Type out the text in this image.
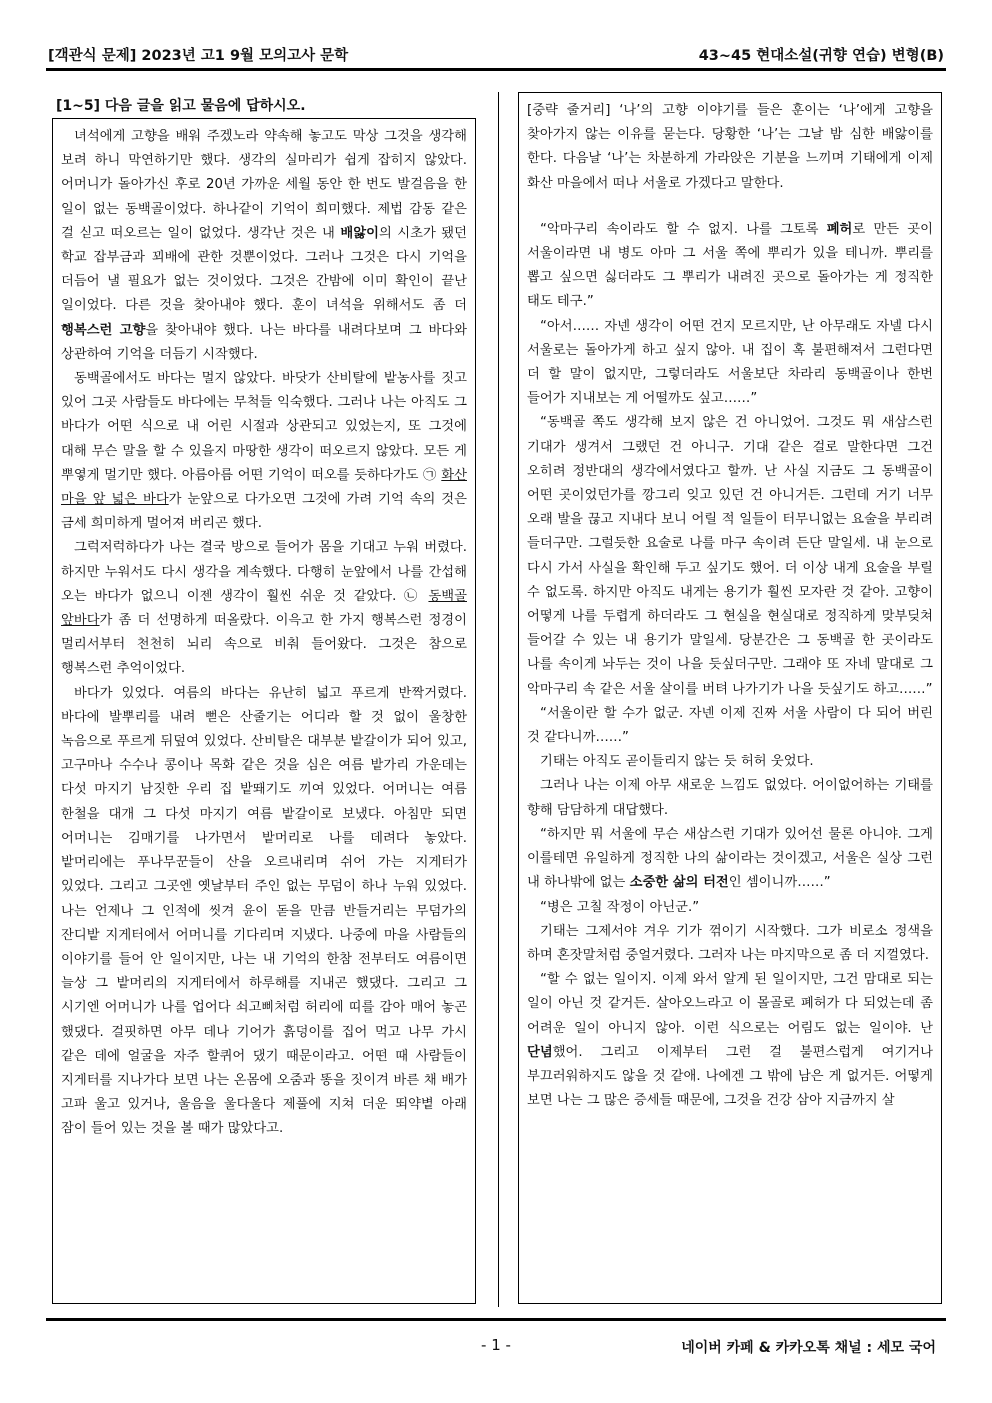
[객관식 문제] 2023년 고1 9월 모의고사 문학	43~45 현대소설(귀향 연습) 변형(B)
[1~5] 다음 글을 읽고 물음에 답하시오.

녀석에게 고향을 배워 주겠노라 약속해 놓고도 막상 그것을 생각해 보려 하니 막연하기만 했다. 생각의 실마리가 쉽게 잡히지 않았다. 어머니가 돌아가신 후로 20년 가까운 세월 동안 한 번도 발걸음을 한 일이 없는 동백골이었다. 하나같이 기억이 희미했다. 제법 감동 같은 걸 싣고 떠오르는 일이 없었다. 생각난 것은 내 배앓이의 시초가 됐던 학교 잡부금과 꾀배에 관한 것뿐이었다. 그러나 그것은 다시 기억을 더듬어 낼 필요가 없는 것이었다. 그것은 간밤에 이미 확인이 끝난 일이었다. 다른 것을 찾아내야 했다. 훈이 녀석을 위해서도 좀 더 행복스런 고향을 찾아내야 했다. 나는 바다를 내려다보며 그 바다와 상관하여 기억을 더듬기 시작했다.

동백골에서도 바다는 멀지 않았다. 바닷가 산비탈에 밭농사를 짓고 있어 그곳 사람들도 바다에는 무척들 익숙했다. 그러나 나는 아직도 그 바다가 어떤 식으로 내 어린 시절과 상관되고 있었는지, 또 그것에 대해 무슨 말을 할 수 있을지 마땅한 생각이 떠오르지 않았다. 모든 게 뿌옇게 멀기만 했다. 아름아름 어떤 기억이 떠오를 듯하다가도 ㉠ 화산 마을 앞 넓은 바다가 눈앞으로 다가오면 그것에 가려 기억 속의 것은 금세 희미하게 멀어져 버리곤 했다.

그럭저럭하다가 나는 결국 방으로 들어가 몸을 기대고 누워 버렸다. 하지만 누워서도 다시 생각을 계속했다. 다행히 눈앞에서 나를 간섭해 오는 바다가 없으니 이젠 생각이 훨씬 쉬운 것 같았다. ㉡ 동백골 앞바다가 좀 더 선명하게 떠올랐다. 이윽고 한 가지 행복스런 정경이 멀리서부터 천천히 뇌리 속으로 비춰 들어왔다. 그것은 참으로 행복스런 추억이었다.

바다가 있었다. 여름의 바다는 유난히 넓고 푸르게 반짝거렸다. 바다에 발뿌리를 내려 뻗은 산줄기는 어디라 할 것 없이 울창한 녹음으로 푸르게 뒤덮여 있었다. 산비탈은 대부분 밭갈이가 되어 있고, 고구마나 수수나 콩이나 목화 같은 것을 심은 여름 밭가리 가운데는 다섯 마지기 남짓한 우리 집 밭뙈기도 끼여 있었다. 어머니는 여름 한철을 대개 그 다섯 마지기 여름 밭갈이로 보냈다. 아침만 되면 어머니는 김매기를 나가면서 밭머리로 나를 데려다 놓았다. 밭머리에는 푸나무꾼들이 산을 오르내리며 쉬어 가는 지게터가 있었다. 그리고 그곳엔 옛날부터 주인 없는 무덤이 하나 누워 있었다. 나는 언제나 그 인적에 씻겨 윤이 돋을 만큼 반들거리는 무덤가의 잔디밭 지게터에서 어머니를 기다리며 지냈다. 나중에 마을 사람들의 이야기를 들어 안 일이지만, 나는 내 기억의 한참 전부터도 여름이면 늘상 그 밭머리의 지게터에서 하루해를 지내곤 했댔다. 그리고 그 시기엔 어머니가 나를 업어다 쇠고삐처럼 허리에 띠를 감아 매어 놓곤 했댔다. 걸핏하면 아무 데나 기어가 흙덩이를 집어 먹고 나무 가시 같은 데에 얼굴을 자주 할퀴어 댔기 때문이라고. 어떤 때 사람들이 지게터를 지나가다 보면 나는 온몸에 오줌과 똥을 짓이겨 바른 채 배가 고파 울고 있거나, 울음을 울다울다 제풀에 지쳐 더운 뙤약볕 아래 잠이 들어 있는 것을 볼 때가 많았다고.

[중략 줄거리] ‘나’의 고향 이야기를 들은 훈이는 ‘나’에게 고향을 찾아가지 않는 이유를 묻는다. 당황한 ‘나’는 그날 밤 심한 배앓이를 한다. 다음날 ‘나’는 차분하게 가라앉은 기분을 느끼며 기태에게 이제 화산 마을에서 떠나 서울로 가겠다고 말한다.

“악마구리 속이라도 할 수 없지. 나를 그토록 폐허로 만든 곳이 서울이라면 내 병도 아마 그 서울 쪽에 뿌리가 있을 테니까. 뿌리를 뽑고 싶으면 싫더라도 그 뿌리가 내려진 곳으로 돌아가는 게 정직한 태도 테구.”

“아서…… 자넨 생각이 어떤 건지 모르지만, 난 아무래도 자넬 다시 서울로는 돌아가게 하고 싶지 않아. 내 집이 혹 불편해져서 그런다면 더 할 말이 없지만, 그렇더라도 서울보단 차라리 동백골이나 한번 들어가 지내보는 게 어떨까도 싶고……”

“동백골 쪽도 생각해 보지 않은 건 아니었어. 그것도 뭐 새삼스런 기대가 생겨서 그랬던 건 아니구. 기대 같은 걸로 말한다면 그건 오히려 정반대의 생각에서였다고 할까. 난 사실 지금도 그 동백골이 어떤 곳이었던가를 깡그리 잊고 있던 건 아니거든. 그런데 거기 너무 오래 발을 끊고 지내다 보니 어릴 적 일들이 터무니없는 요술을 부리려 들더구만. 그럴듯한 요술로 나를 마구 속이려 든단 말일세. 내 눈으로 다시 가서 사실을 확인해 두고 싶기도 했어. 더 이상 내게 요술을 부릴 수 없도록. 하지만 아직도 내게는 용기가 훨씬 모자란 것 같아. 고향이 어떻게 나를 두렵게 하더라도 그 현실을 현실대로 정직하게 맞부딪쳐 들어갈 수 있는 내 용기가 말일세. 당분간은 그 동백골 한 곳이라도 나를 속이게 놔두는 것이 나을 듯싶더구만. 그래야 또 자네 말대로 그 악마구리 속 같은 서울 살이를 버텨 나가기가 나을 듯싶기도 하고……”

“서울이란 할 수가 없군. 자넨 이제 진짜 서울 사람이 다 되어 버린 것 같다니까……”

기태는 아직도 곧이들리지 않는 듯 허허 웃었다.

그러나 나는 이제 아무 새로운 느낌도 없었다. 어이없어하는 기태를 향해 담담하게 대답했다.

“하지만 뭐 서울에 무슨 새삼스런 기대가 있어선 물론 아니야. 그게 이를테면 유일하게 정직한 나의 삶이라는 것이겠고, 서울은 실상 그런 내 하나밖에 없는 소중한 삶의 터전인 셈이니까……”

“병은 고칠 작정이 아닌군.”

기태는 그제서야 겨우 기가 꺾이기 시작했다. 그가 비로소 정색을 하며 혼잣말처럼 중얼거렸다. 그러자 나는 마지막으로 좀 더 지껄였다.

“할 수 없는 일이지. 이제 와서 알게 된 일이지만, 그건 맘대로 되는 일이 아닌 것 같거든. 살아오느라고 이 몰골로 폐허가 다 되었는데 좀 어려운 일이 아니지 않아. 이런 식으로는 어림도 없는 일이야. 난 단념했어. 그리고 이제부터 그런 걸 불편스럽게 여기거나 부끄러워하지도 않을 것 같애. 나에겐 그 밖에 남은 게 없거든. 어떻게 보면 나는 그 많은 증세들 때문에, 그것을 건강 삼아 지금까지 살

- 1 -	네이버 카페 & 카카오톡 채널 : 세모 국어
